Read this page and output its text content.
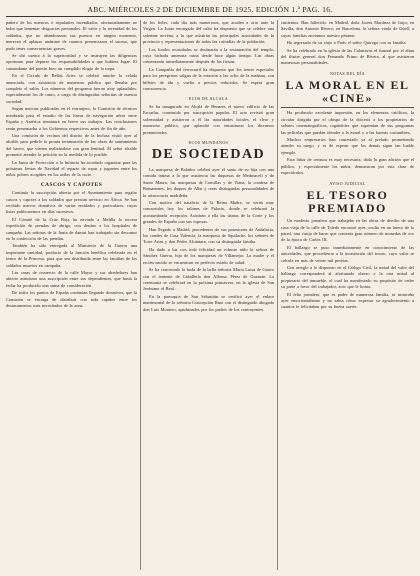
ABC. MIÉRCOLES 2 DE DICIEMBRE DE 1925. EDICIÓN 1.ª PAG. 16.

pañero de los nuestros ó tripulantes incendiados, afortunadamente no hubo que lamentar desgracias personales. El valor y la serenidad de los soldados, que no abandonaron sus puestos en ningún momento, merecen el aplauso unánime de cuantos presenciaron el suceso, que pudo tener consecuencias graves.

Se dió cuenta á la superioridad y se instruyen las diligencias oportunas para depurar las responsabilidades a que hubiera lugar. El comandante del puesto hizo un cumplido elogio de la tropa.

En el Círculo de Bellas Artes se celebró anoche la velada anunciada, con asistencia de numeroso público que llenaba por completo el salón. Los números del programa fueron muy aplaudidos, especialmente los de canto, a cargo de distinguidas señoritas de nuestra sociedad.

Según noticias publicadas en el extranjero, la Comisión de técnicos nombrada para el estudio de las líneas de navegación aérea entre España y América terminará en breve sus trabajos. Las conclusiones serán presentadas a los Gobiernos respectivos antes de fin de año.

Una comisión de vecinos del distrito de la Inclusa visitó ayer al alcalde para pedirle la pronta terminación de las obras de saneamiento del barrio, que vienen realizándose con gran lentitud. El señor alcalde prometió atender la petición en la medida de lo posible.

La Junta de Protección a la Infancia ha acordado organizar para las próximas fiestas de Navidad el reparto de ropas y juguetes entre los niños pobres acogidos en los asilos de la corte.

CASCOS Y CAPOTES

Continúa la suscripción abierta por el Ayuntamiento para regalar cascos y capotes a los soldados que prestan servicio en África. Se han recibido nuevos donativos de varias entidades y particulares, cuyas listas publicaremos en días sucesivos.

El Comité de la Cruz Roja ha enviado a Melilla la tercera expedición de prendas de abrigo, con destino a los hospitales de campaña. Las señoras de la Junta de damas han trabajado sin descanso en la confección de las prendas.

También ha sido entregada al Ministerio de la Guerra una importante cantidad, producto de la función benéfica celebrada en el teatro de la Princesa, para que sea distribuida entre las familias de los soldados muertos en campaña.

Las casas de comercio de la calle Mayor y sus alrededores han abierto asimismo una suscripción entre sus dependientes, que hasta la fecha ha producido una suma de consideración.

De todos los puntos de España continúan llegando donativos, que la Comisión se encarga de distribuir con toda rapidez entre los destacamentos más necesitados de la zona.

de los fieles, cada día más numerosos, que acuden a orar ante la Virgen. La Junta encargada del culto ha dispuesto que se celebre una solemne novena, a la que asistirán las principales autoridades de la provincia y representaciones de todas las cofradías de la población.

Los fondos recaudados se destinarán a la restauración del templo, cuya fachada amenaza ruina desde hace algún tiempo. Las obras comenzarán inmediatamente después de las fiestas.

La Compañía del ferrocarril ha dispuesto que los trenes especiales para los peregrinos salgan de la estación a las ocho de la mañana, con billetes de ida y vuelta a precios reducidos. Se espera gran concurrencia.

ECOS DE ALCALA

Se ha inaugurado en Alcalá de Henares el nuevo edificio de las Escuelas, construido por suscripción popular. El acto revistió gran solemnidad y asistieron a él las autoridades locales, el clero y numeroso público, que aplaudió con entusiasmo los discursos pronunciados.

ECOS MUNDANOS
DE SOCIEDAD

La marquesa de Bolaños celebró ayer el santo de su hija con una comida íntima a la que asistieron las duquesas de Medinaceli y de Santo Mauro, las marquesas de Comillas y de Viana, la condesa de Romanones, los duques de Alba y otras distinguidas personalidades de la aristocracia madrileña.

Con motivo del natalicio de la Reina Madre, se verán muy concurridos hoy los salones de Palacio, donde se celebrará la acostumbrada recepción. Asistirán a ella las damas de la Corte y los grandes de España con sus esposas.

Han llegado a Madrid, procedentes de sus posesiones de Andalucía, los condes de Casa Valencia, la marquesa de Squilache, los señores de Torre Arias y don Pedro Alcántara, con su distinguida familia.

Ha dado a luz con toda felicidad un robusto niño la señora de Sánchez Guerra, hija de los marqueses de Villamejor. La madre y el recién nacido se encuentran en perfecto estado de salud.

Se ha concertado la boda de la bella señorita María Luisa de Castro con el teniente de Caballería don Alfonso Pérez de Guzmán. La ceremonia se celebrará en la próxima primavera, en la iglesia de San Jerónimo el Real.

En la parroquia de San Sebastián se verificó ayer el enlace matrimonial de la señorita Concepción Ruiz con el distinguido abogado don Luis Montero, apadrinados por los padres de los contrayentes.

cimientos. Han fallecido: en Madrid, doña Josefa Martínez de Irujo; en Sevilla, don Antonio Rivero; en Barcelona, la señora viuda de Güell, a cuyas familias enviamos nuestro pésame.

Ha regresado de su viaje a París el señor Quiroga con su familia.

Se ha celebrado en la iglesia de las Calatravas el funeral por el alma del ilustre general don Fernando Primo de Rivera, al que asistieron numerosas personalidades.

NOTAS DEL DÍA
LA MORAL EN EL «CINE»

Ha producido excelente impresión, en los elementos católicos, la circular dirigida por el obispo de la diócesis a los propietarios de salones cinematográficos, rogándoles que suprimían de sus programas las películas que puedan ofender a la moral y a las buenas costumbres.

Muchos empresarios han contestado ya al prelado prometiendo atender su ruego, y es de esperar que los demás sigan tan loable ejemplo.

Esta labor de censura es muy necesaria, dada la gran afición que el público, y especialmente los niños, demuestran por esta clase de espectáculos.

AVISO JUDICIAL
EL TESORO PREMIADO

Un modesto jornalero que trabajaba en las obras de derribo de una casa vieja de la calle de Toledo encontró ayer, oculta en un hueco de la pared, una vasija de barro que contenía gran número de monedas de oro de la época de Carlos III.

El hallazgo se puso inmediatamente en conocimiento de las autoridades, que procedieron a la incautación del tesoro, cuyo valor se calcula en más de veinte mil pesetas.

Con arreglo a lo dispuesto en el Código Civil, la mitad del valor del hallazgo corresponderá al afortunado obrero y la otra mitad al propietario del inmueble, el cual ha manifestado su propósito de ceder su parte a favor del trabajador, acto que le honra.

El feliz jornalero, que es padre de numerosa familia, se mostraba ayer emocionadísimo y no sabía cómo expresar su agradecimiento a cuantos le felicitaban por su buena suerte.
